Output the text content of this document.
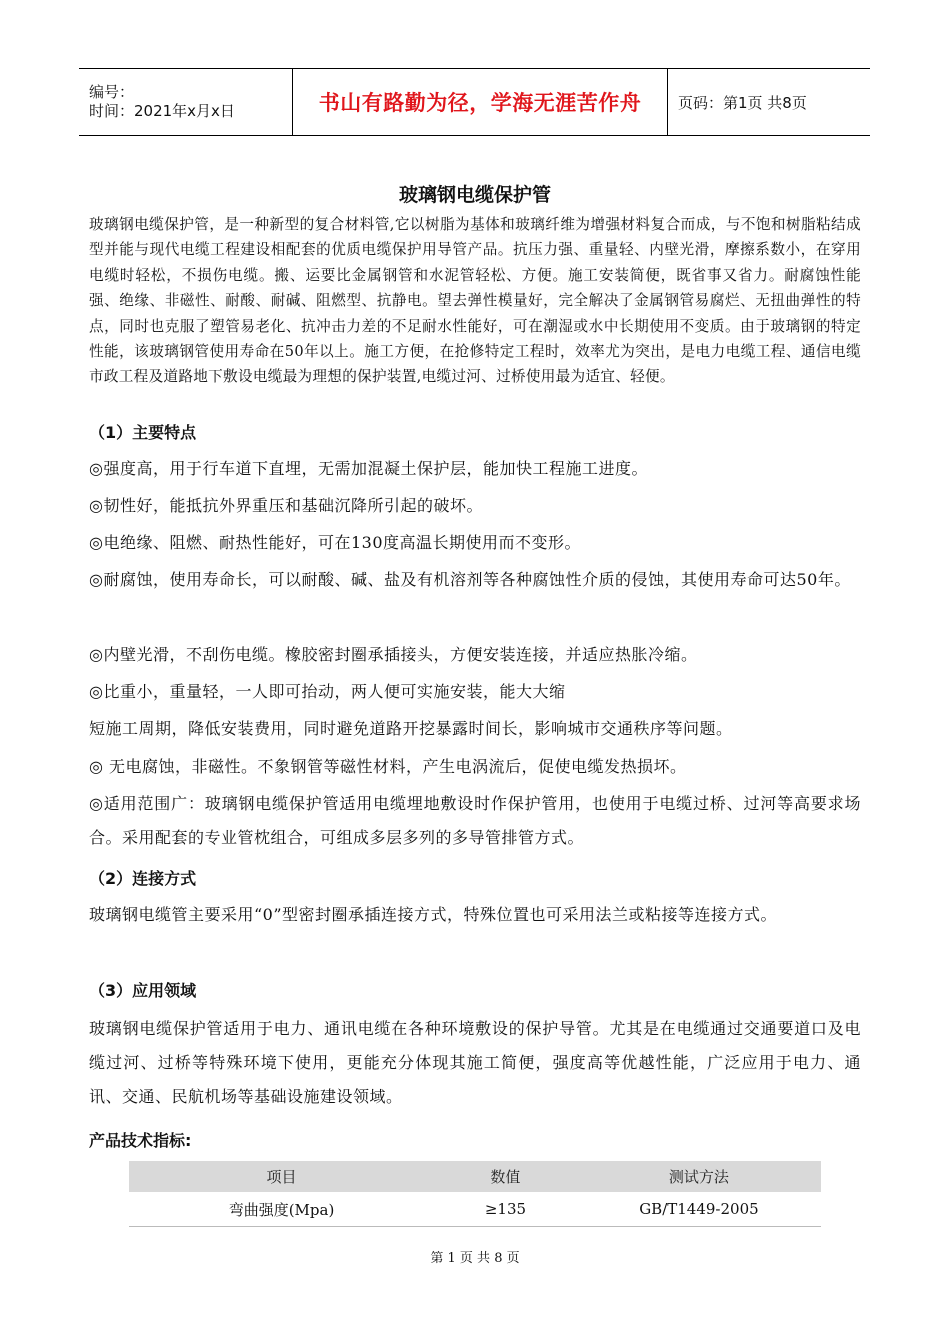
编号：
时间：2021年x月x日	书山有路勤为径，学海无涯苦作舟	页码：第1页 共8页
玻璃钢电缆保护管

玻璃钢电缆保护管，是一种新型的复合材料管,它以树脂为基体和玻璃纤维为增强材料复合而成，与不饱和树脂粘结成型并能与现代电缆工程建设相配套的优质电缆保护用导管产品。抗压力强、重量轻、内壁光滑，摩擦系数小，在穿用电缆时轻松，不损伤电缆。搬、运要比金属钢管和水泥管轻松、方便。施工安装简便，既省事又省力。耐腐蚀性能强、绝缘、非磁性、耐酸、耐碱、阻燃型、抗静电。望去弹性模量好，完全解决了金属钢管易腐烂、无扭曲弹性的特点，同时也克服了塑管易老化、抗冲击力差的不足耐水性能好，可在潮湿或水中长期使用不变质。由于玻璃钢的特定性能，该玻璃钢管使用寿命在50年以上。施工方便，在抢修特定工程时，效率尤为突出，是电力电缆工程、通信电缆市政工程及道路地下敷设电缆最为理想的保护装置,电缆过河、过桥使用最为适宜、轻便。

（1）主要特点

◎强度高，用于行车道下直埋，无需加混凝土保护层，能加快工程施工进度。

◎韧性好，能抵抗外界重压和基础沉降所引起的破坏。

◎电绝缘、阻燃、耐热性能好，可在130度高温长期使用而不变形。

◎耐腐蚀，使用寿命长，可以耐酸、碱、盐及有机溶剂等各种腐蚀性介质的侵蚀，其使用寿命可达50年。

◎内壁光滑，不刮伤电缆。橡胶密封圈承插接头，方便安装连接，并适应热胀冷缩。

◎比重小，重量轻，一人即可抬动，两人便可实施安装，能大大缩

短施工周期，降低安装费用，同时避免道路开挖暴露时间长，影响城市交通秩序等问题。

◎ 无电腐蚀，非磁性。不象钢管等磁性材料，产生电涡流后，促使电缆发热损坏。

◎适用范围广：玻璃钢电缆保护管适用电缆埋地敷设时作保护管用，也使用于电缆过桥、过河等高要求场合。采用配套的专业管枕组合，可组成多层多列的多导管排管方式。

（2）连接方式

玻璃钢电缆管主要采用“0”型密封圈承插连接方式，特殊位置也可采用法兰或粘接等连接方式。

（3）应用领域

玻璃钢电缆保护管适用于电力、通讯电缆在各种环境敷设的保护导管。尤其是在电缆通过交通要道口及电缆过河、过桥等特殊环境下使用，更能充分体现其施工简便，强度高等优越性能，广泛应用于电力、通讯、交通、民航机场等基础设施建设领域。

产品技术指标:
项目	数值	测试方法
弯曲强度(Mpa)	≥135	GB/T1449-2005
第 1 页 共 8 页
